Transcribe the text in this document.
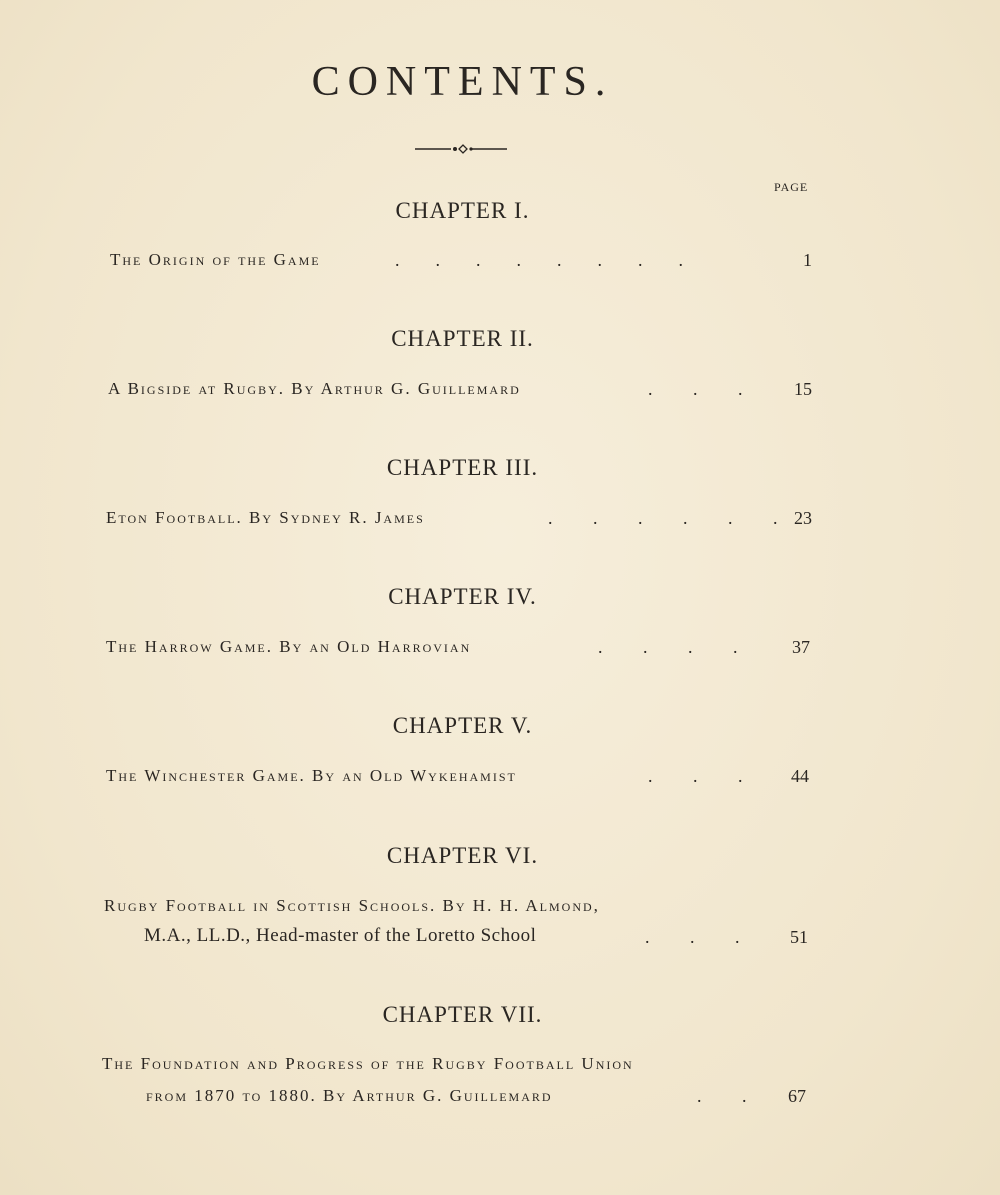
CONTENTS.
PAGE
CHAPTER I.
The Origin of the Game	.        .        .        .        .        .        .        .	1
CHAPTER II.
A Bigside at Rugby. By Arthur G. Guillemard	.         .         .	15
CHAPTER III.
Eton Football. By Sydney R. James	.         .         .         .         .         . 23
CHAPTER IV.
The Harrow Game. By an Old Harrovian	.         .         .         .	37
CHAPTER V.
The Winchester Game. By an Old Wykehamist	.         .         .	44
CHAPTER VI.
Rugby Football in Scottish Schools. By H. H. Almond,
M.A., LL.D., Head-master of the Loretto School	.         .         .	51
CHAPTER VII.
The Foundation and Progress of the Rugby Football Union
from 1870 to 1880. By Arthur G. Guillemard	.         .	67
